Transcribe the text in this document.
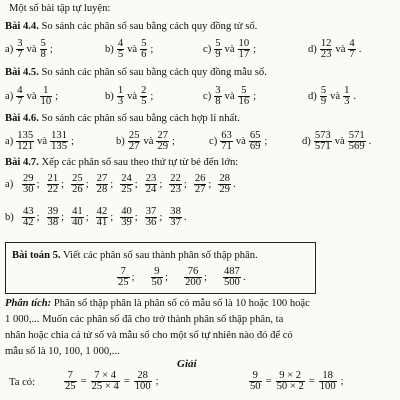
Một số bài tập tự luyện:
Bài 4.4. So sánh các phân số sau bằng cách quy đồng tử số.
a)
3
7 và
5
8 ;	b)
4
5 và
5
6 ;	c)
5
9 và
10
17 ;	d)
12
23 và
4
7 .
Bài 4.5. So sánh các phân số sau bằng cách quy đồng mẫu số.
a)
4
7 và
1
10 ;	b)
1
3 và
2
5 ;	c)
3
8 và
5
16 ;	d)
5
9 và
1
3 .
Bài 4.6. So sánh các phân số sau bằng cách hợp lí nhất.
a)
135
121 và
131
135 ;	b)
25
27 và
27
29 ;	c)
63
71 và
65
69 ;	d)
573
571 và
571
569 .
Bài 4.7. Xếp các phân số sau theo thứ tự từ bé đến lớn:
a)
29
30 ;
21
22 ;
25
26 ;
27
28 ;
24
25 ;
23
24 ;
22
23 ;
26
27 ;
28
29 .
b)
43
42 ;
39
38 ;
41
40 ;
42
41 ;
40
39 ;
37
36 ;
38
37 .
Bài toán 5. Viết các phân số sau thành phân số thập phân.
7
25 ;
9
50 ;
76
200 ;
487
500 .
Phân tích: Phân số thập phân là phân số có mẫu số là 10 hoặc 100 hoặc
1 000,... Muốn các phân số đã cho trở thành phân số thập phân, ta
nhân hoặc chia cả tử số và mẫu số cho một số tự nhiên nào đó để có
mẫu số là 10, 100, 1 000,...
Giải
Ta có:	$\frac{7}{25} = \frac{7 \times 4}{25 \times 4} = \frac{28}{100}$ ;	$\frac{9}{50} = \frac{9 \times 2}{50 \times 2} = \frac{18}{100}$ ;
